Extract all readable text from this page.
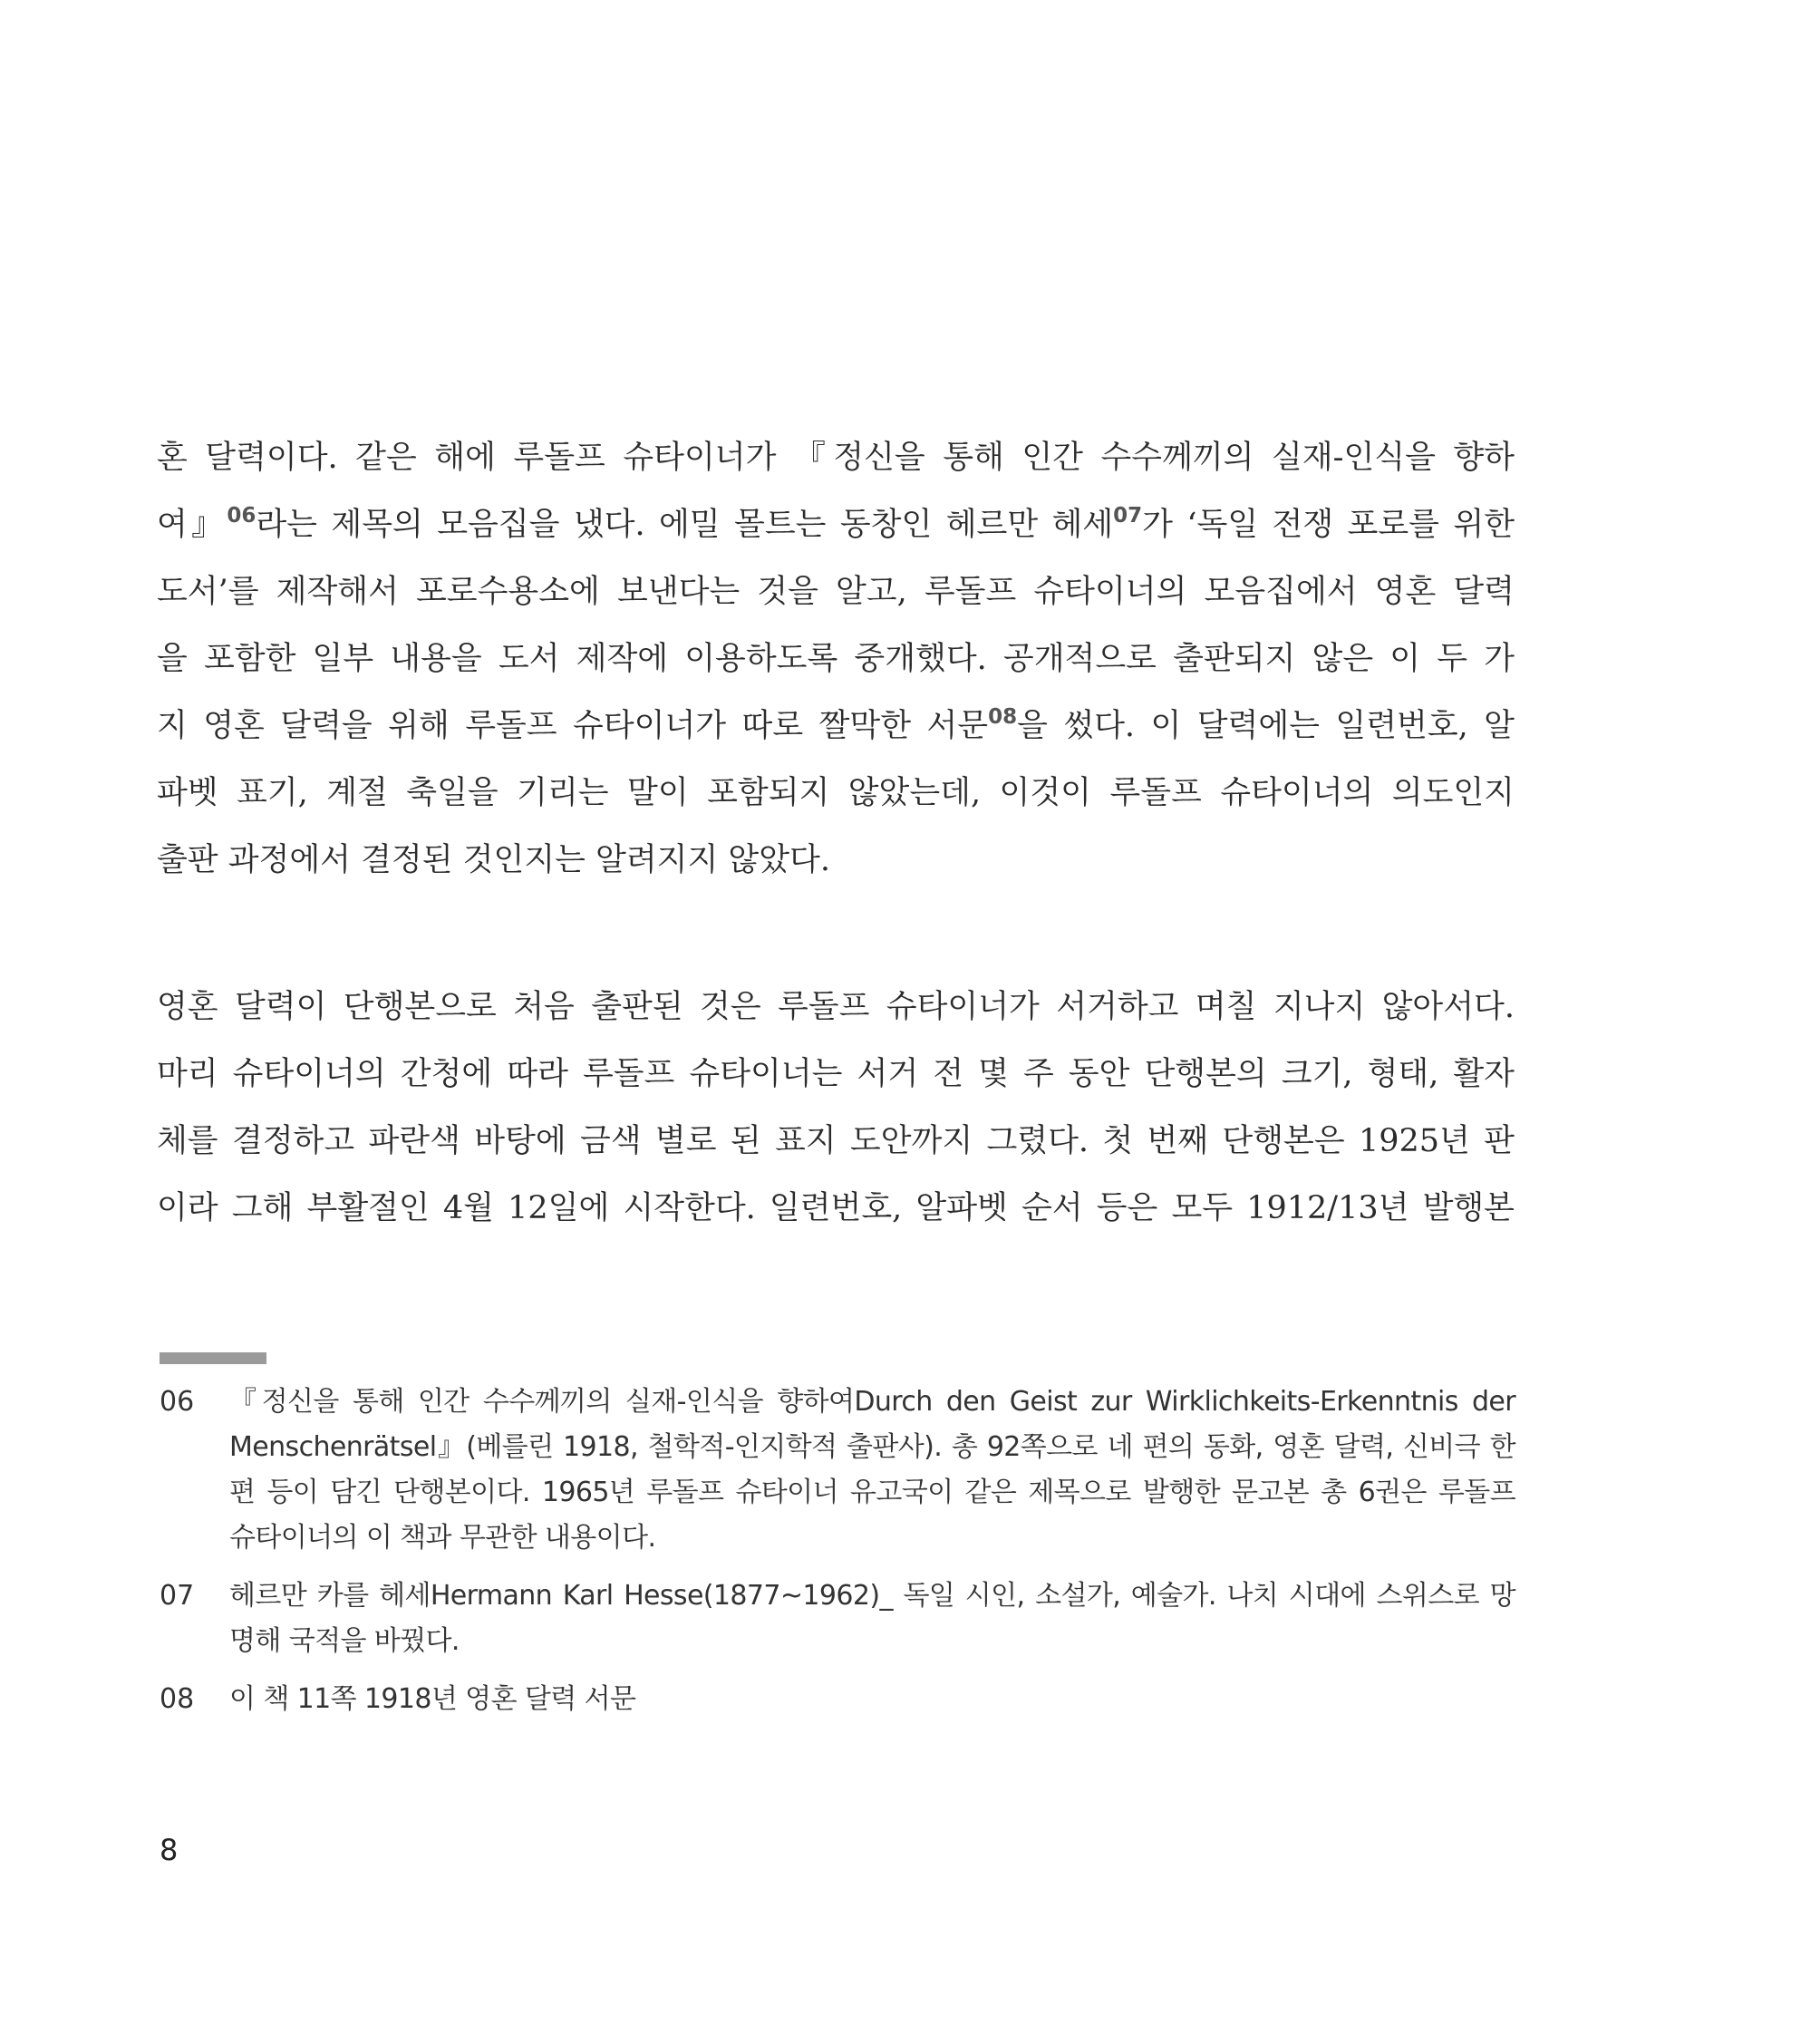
혼 달력이다. 같은 해에 루돌프 슈타이너가 『정신을 통해 인간 수수께끼의 실재-인식을 향하
여』$^{06}$라는 제목의 모음집을 냈다. 에밀 몰트는 동창인 헤르만 헤세$^{07}$가 ‘독일 전쟁 포로를 위한
도서’를 제작해서 포로수용소에 보낸다는 것을 알고, 루돌프 슈타이너의 모음집에서 영혼 달력
을 포함한 일부 내용을 도서 제작에 이용하도록 중개했다. 공개적으로 출판되지 않은 이 두 가
지 영혼 달력을 위해 루돌프 슈타이너가 따로 짤막한 서문$^{08}$을 썼다. 이 달력에는 일련번호, 알
파벳 표기, 계절 축일을 기리는 말이 포함되지 않았는데, 이것이 루돌프 슈타이너의 의도인지
출판 과정에서 결정된 것인지는 알려지지 않았다.
영혼 달력이 단행본으로 처음 출판된 것은 루돌프 슈타이너가 서거하고 며칠 지나지 않아서다.
마리 슈타이너의 간청에 따라 루돌프 슈타이너는 서거 전 몇 주 동안 단행본의 크기, 형태, 활자
체를 결정하고 파란색 바탕에 금색 별로 된 표지 도안까지 그렸다. 첫 번째 단행본은 1925년 판
이라 그해 부활절인 4월 12일에 시작한다. 일련번호, 알파벳 순서 등은 모두 1912/13년 발행본
06 『정신을 통해 인간 수수께끼의 실재-인식을 향하여Durch den Geist zur Wirklichkeits-Erkenntnis der
Menschenrätsel』(베를린 1918, 철학적-인지학적 출판사). 총 92쪽으로 네 편의 동화, 영혼 달력, 신비극 한
편 등이 담긴 단행본이다. 1965년 루돌프 슈타이너 유고국이 같은 제목으로 발행한 문고본 총 6권은 루돌프
슈타이너의 이 책과 무관한 내용이다.
07 헤르만 카를 헤세Hermann Karl Hesse(1877~1962)_ 독일 시인, 소설가, 예술가. 나치 시대에 스위스로 망
명해 국적을 바꿨다.
08 이 책 11쪽 1918년 영혼 달력 서문
8
